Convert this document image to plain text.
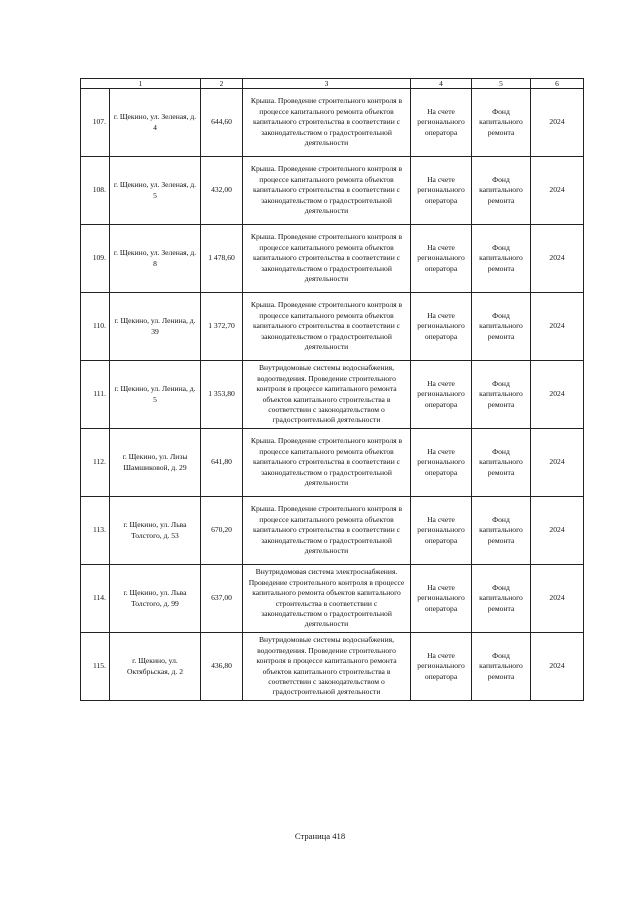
1		2	3	4	5	6
107.	г. Щекино, ул. Зеленая, д. 4	644,60	Крыша. Проведение строительного контроля в процессе капитального ремонта объектов капитального строительства в соответствии с законодательством о градостроительной деятельности	На счете регионального оператора	Фонд капитального ремонта	2024
108.	г. Щекино, ул. Зеленая, д. 5	432,00	Крыша. Проведение строительного контроля в процессе капитального ремонта объектов капитального строительства в соответствии с законодательством о градостроительной деятельности	На счете регионального оператора	Фонд капитального ремонта	2024
109.	г. Щекино, ул. Зеленая, д. 8	1 478,60	Крыша. Проведение строительного контроля в процессе капитального ремонта объектов капитального строительства в соответствии с законодательством о градостроительной деятельности	На счете регионального оператора	Фонд капитального ремонта	2024
110.	г. Щекино, ул. Ленина, д. 39	1 372,70	Крыша. Проведение строительного контроля в процессе капитального ремонта объектов капитального строительства в соответствии с законодательством о градостроительной деятельности	На счете регионального оператора	Фонд капитального ремонта	2024
111.	г. Щекино, ул. Ленина, д. 5	1 353,80	Внутридомовые системы водоснабжения, водоотведения. Проведение строительного контроля в процессе капитального ремонта объектов капитального строительства в соответствии с законодательством о градостроительной деятельности	На счете регионального оператора	Фонд капитального ремонта	2024
112.	г. Щекино, ул. Лизы Шамшиковой, д. 29	641,80	Крыша. Проведение строительного контроля в процессе капитального ремонта объектов капитального строительства в соответствии с законодательством о градостроительной деятельности	На счете регионального оператора	Фонд капитального ремонта	2024
113.	г. Щекино, ул. Льва Толстого, д. 53	670,20	Крыша. Проведение строительного контроля в процессе капитального ремонта объектов капитального строительства в соответствии с законодательством о градостроительной деятельности	На счете регионального оператора	Фонд капитального ремонта	2024
114.	г. Щекино, ул. Льва Толстого, д. 99	637,00	Внутридомовая система электроснабжения. Проведение строительного контроля в процессе капитального ремонта объектов капитального строительства в соответствии с законодательством о градостроительной деятельности	На счете регионального оператора	Фонд капитального ремонта	2024
115.	г. Щекино, ул. Октябрьская, д. 2	436,80	Внутридомовые системы водоснабжения, водоотведения. Проведение строительного контроля в процессе капитального ремонта объектов капитального строительства в соответствии с законодательством о градостроительной деятельности	На счете регионального оператора	Фонд капитального ремонта	2024
Страница 418
